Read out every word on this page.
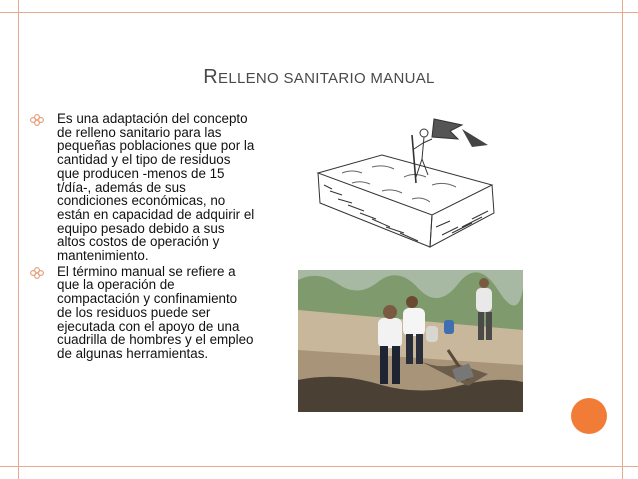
RELLENO SANITARIO MANUAL
Es una adaptación del concepto
de relleno sanitario para las
pequeñas poblaciones que por la
cantidad y el tipo de residuos
que producen -menos de 15
t/día-, además de sus
condiciones económicas, no
están en capacidad de adquirir el
equipo pesado debido a sus
altos costos de operación y
mantenimiento.
El término manual se refiere a
que la operación de
compactación y confinamiento
de los residuos puede ser
ejecutada con el apoyo de una
cuadrilla de hombres y el empleo
de algunas herramientas.
